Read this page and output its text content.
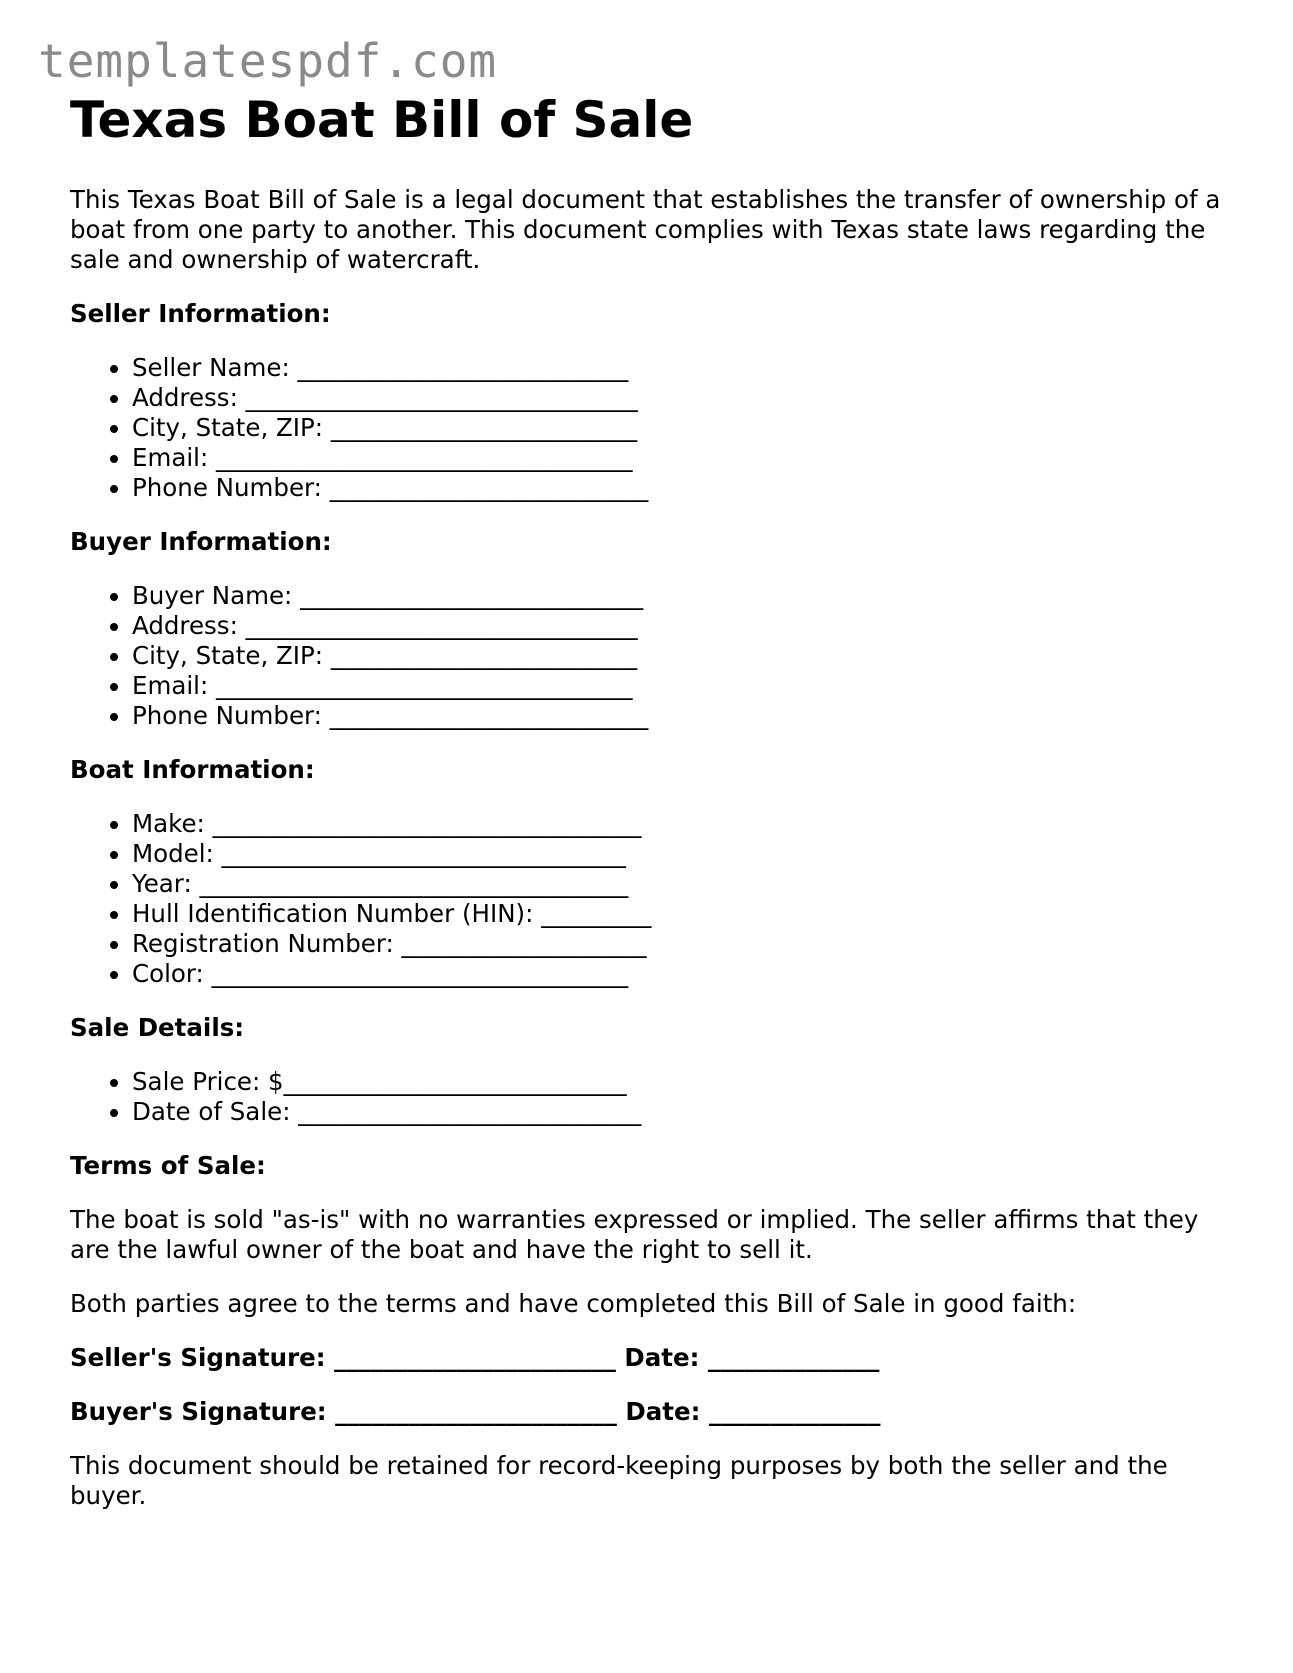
templatespdf.com
Texas Boat Bill of Sale

This Texas Boat Bill of Sale is a legal document that establishes the transfer of ownership of a boat from one party to another. This document complies with Texas state laws regarding the sale and ownership of watercraft.

Seller Information:
• Seller Name: ___________________________
• Address: ________________________________
• City, State, ZIP: _________________________
• Email: __________________________________
• Phone Number: __________________________
Buyer Information:
• Buyer Name: ____________________________
• Address: ________________________________
• City, State, ZIP: _________________________
• Email: __________________________________
• Phone Number: __________________________
Boat Information:
• Make: ___________________________________
• Model: _________________________________
• Year: ___________________________________
• Hull Identification Number (HIN): _________
• Registration Number: ____________________
• Color: __________________________________
Sale Details:
• Sale Price: $____________________________
• Date of Sale: ____________________________
Terms of Sale:

The boat is sold "as-is" with no warranties expressed or implied. The seller affirms that they are the lawful owner of the boat and have the right to sell it.

Both parties agree to the terms and have completed this Bill of Sale in good faith:

Seller's Signature: _______________________ Date: ______________
Buyer's Signature: _______________________ Date: ______________

This document should be retained for record-keeping purposes by both the seller and the buyer.
